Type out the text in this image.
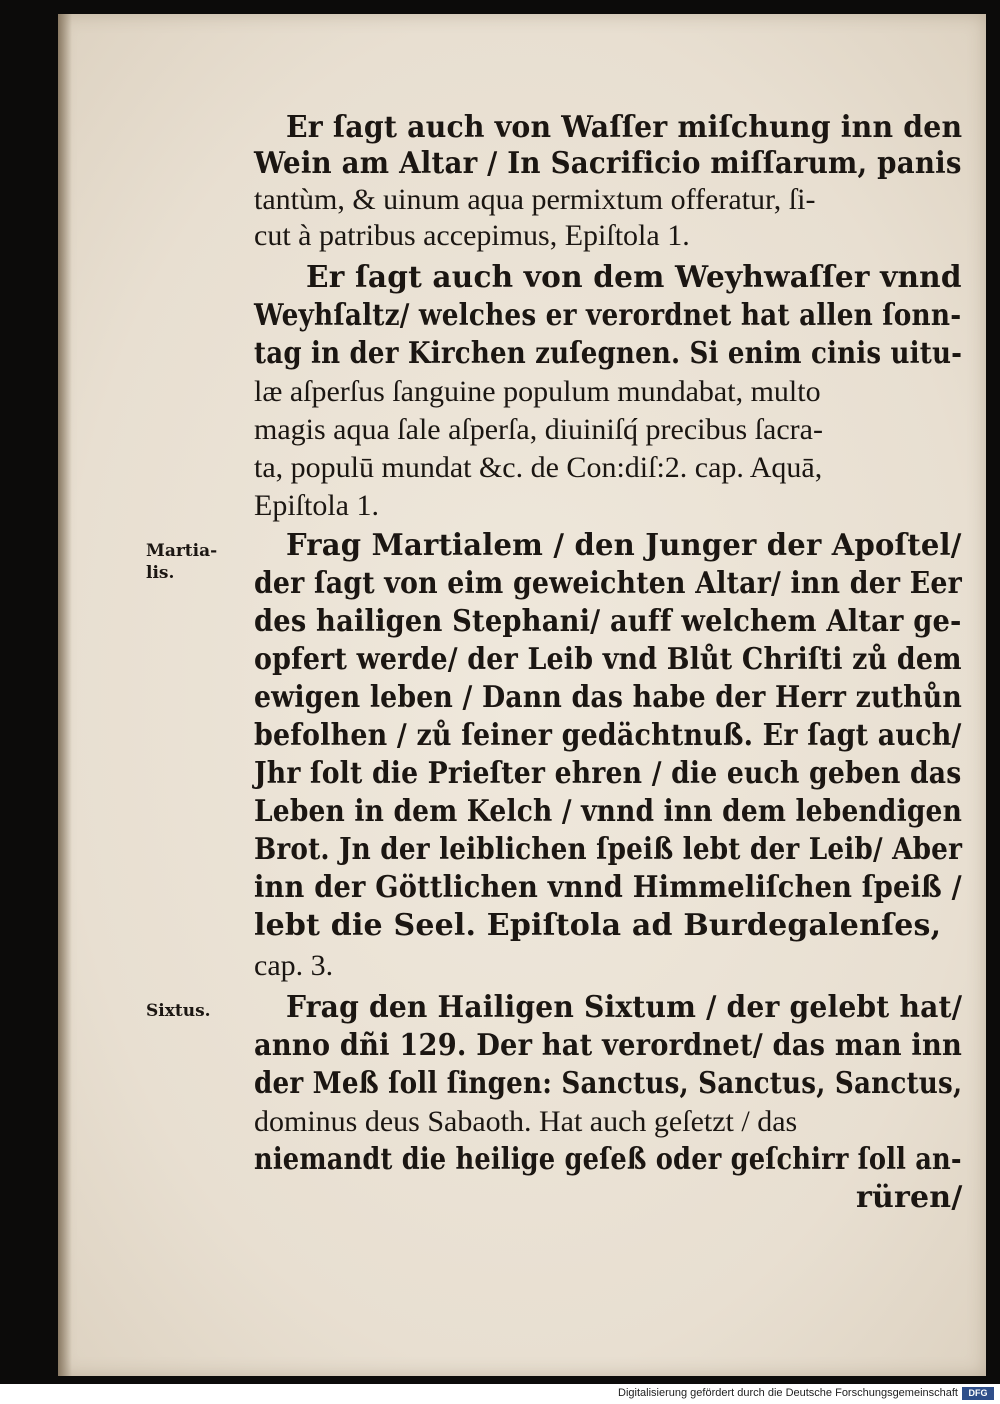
Er ſagt auch von Waſſer miſchung inn den
Wein am Altar / In Sacrificio miſſarum, panis
tantùm, & uinum aqua permixtum offeratur, ſi-
cut à patribus accepimus, Epiſtola 1.
Er ſagt auch von dem Weyhwaſſer vnnd
Weyhſaltz/ welches er verordnet hat allen ſonn-
tag in der Kirchen zuſegnen. Si enim cinis uitu-
læ aſperſus ſanguine populum mundabat, multo
magis aqua ſale aſperſa, diuiniſq́ precibus ſacra-
ta, populū mundat &c. de Con:diſ:2. cap. Aquā,
Epiſtola 1.
Frag Martialem / den Junger der Apoſtel/
der ſagt von eim geweichten Altar/ inn der Eer
des hailigen Stephani/ auff welchem Altar ge-
opfert werde/ der Leib vnd Blůt Chriſti zů dem
ewigen leben / Dann das habe der Herr zuthůn
befolhen / zů ſeiner gedächtnuß. Er ſagt auch/
Jhr ſolt die Prieſter ehren / die euch geben das
Leben in dem Kelch / vnnd inn dem lebendigen
Brot. Jn der leiblichen ſpeiß lebt der Leib/ Aber
inn der Göttlichen vnnd Himmeliſchen ſpeiß /
lebt die Seel. Epiſtola ad Burdegalenſes,
cap. 3.
Frag den Hailigen Sixtum / der gelebt hat/
anno dñi 129. Der hat verordnet/ das man inn
der Meß ſoll ſingen: Sanctus, Sanctus, Sanctus,
dominus deus Sabaoth. Hat auch geſetzt / das
niemandt die heilige geſeß oder geſchirr ſoll an-
rüren/
Martia-
lis.
Sixtus.
Digitalisierung gefördert durch die Deutsche Forschungsgemeinschaft	DFG
